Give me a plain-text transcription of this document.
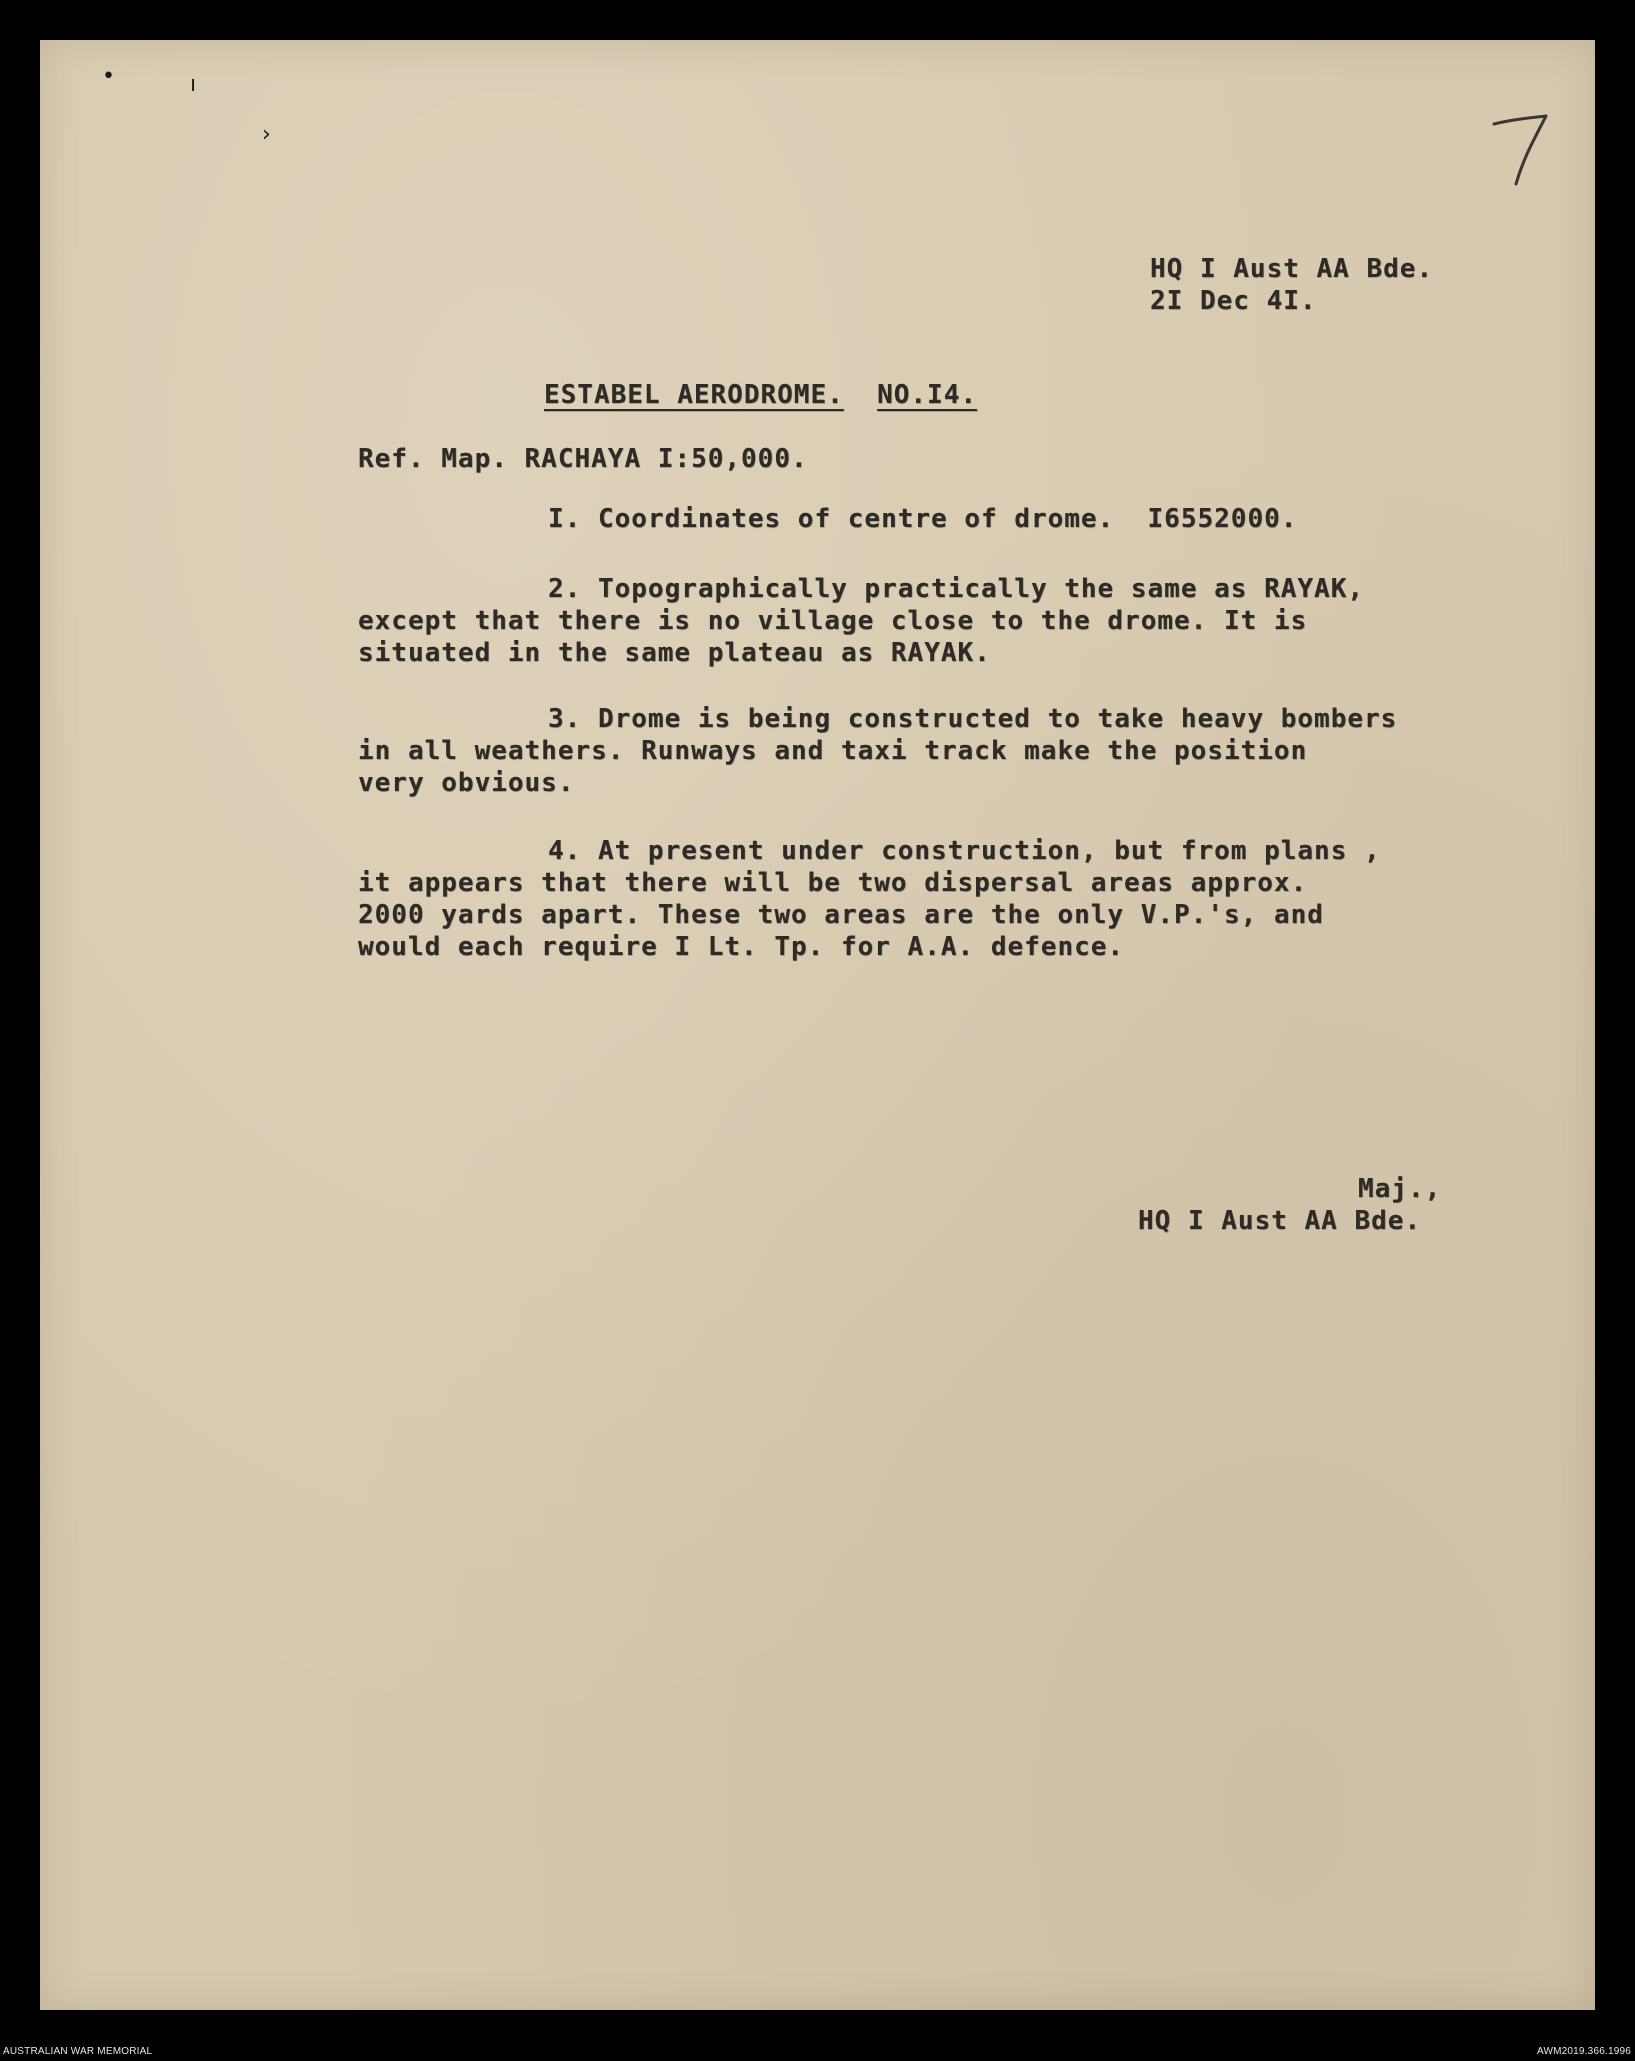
•	ı
›
HQ I Aust AA Bde.
2I Dec 4I.
ESTABEL AERODROME. NO.I4.
Ref. Map. RACHAYA I:50,000.
I. Coordinates of centre of drome.  I6552000.
2. Topographically practically the same as RAYAK,
except that there is no village close to the drome. It is
situated in the same plateau as RAYAK.
3. Drome is being constructed to take heavy bombers
in all weathers. Runways and taxi track make the position
very obvious.
4. At present under construction, but from plans ,
it appears that there will be two dispersal areas approx.
2000 yards apart. These two areas are the only V.P.'s, and
would each require I Lt. Tp. for A.A. defence.
Maj.,
HQ I Aust AA Bde.
AUSTRALIAN WAR MEMORIAL	AWM2019.366.1996
